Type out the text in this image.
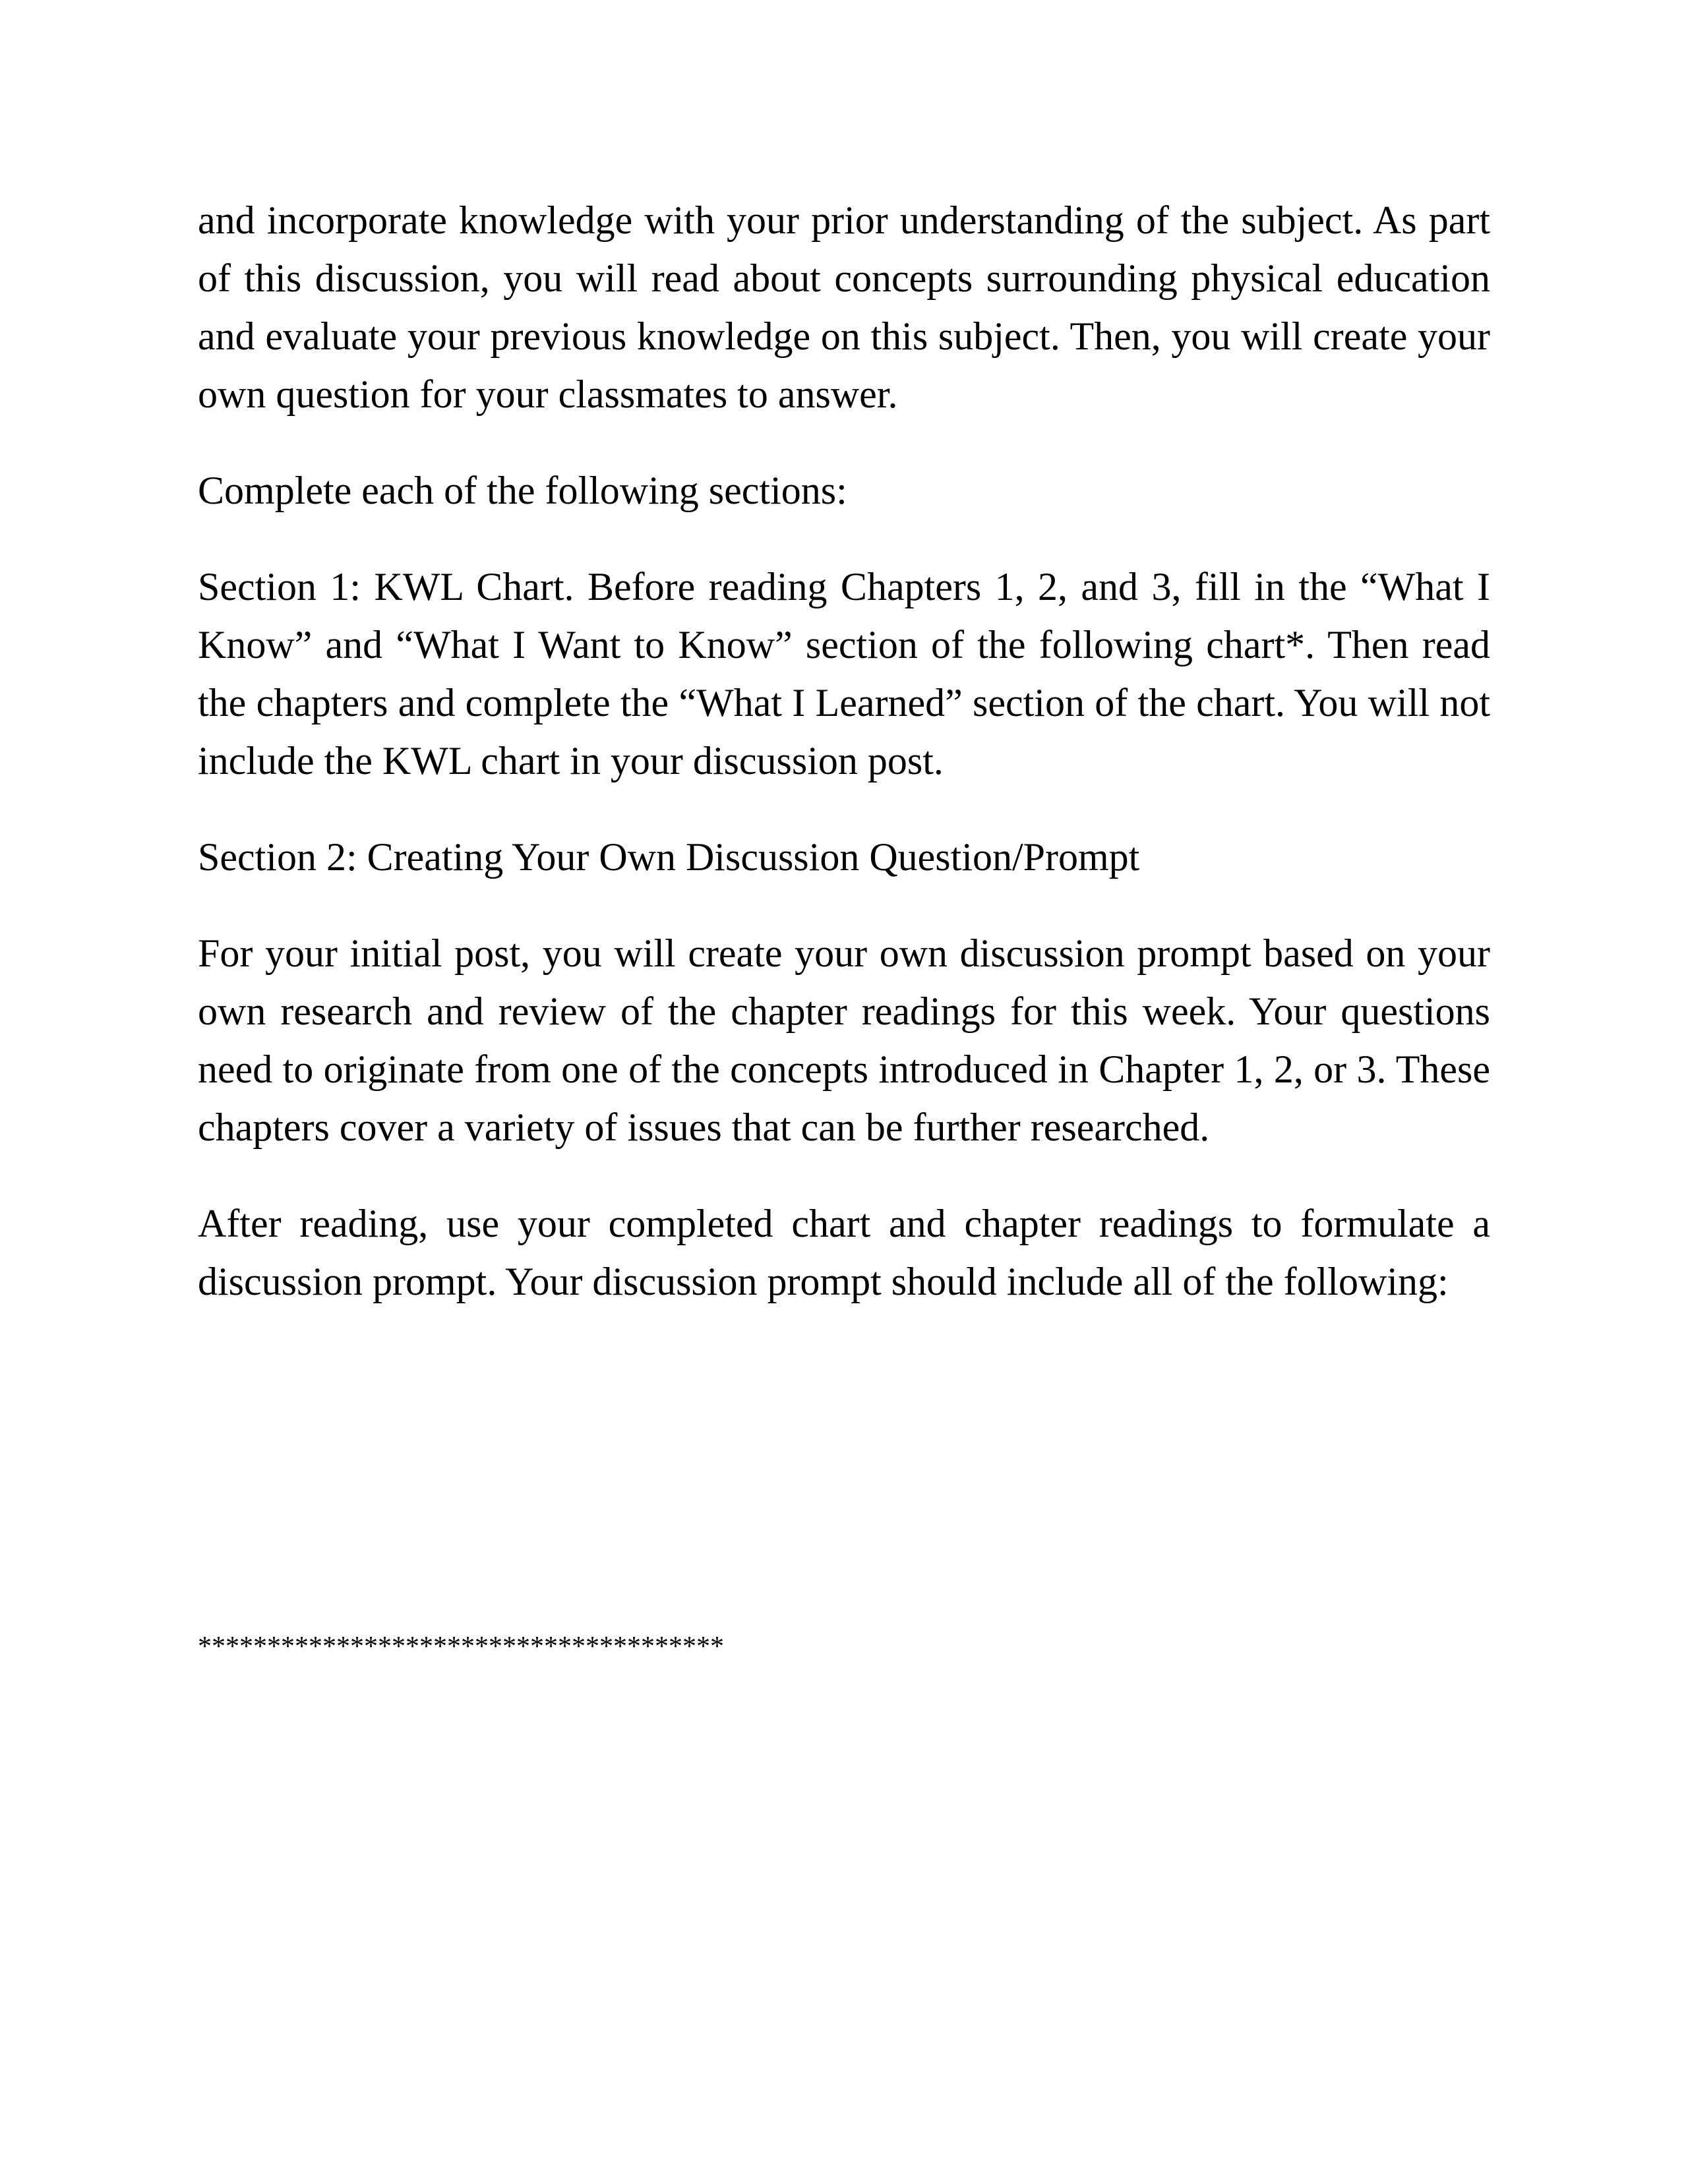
and incorporate knowledge with your prior understanding of the subject. As part of this discussion, you will read about concepts surrounding physical education and evaluate your previous knowledge on this subject. Then, you will create your own question for your classmates to answer.

Complete each of the following sections:

Section 1: KWL Chart. Before reading Chapters 1, 2, and 3, fill in the “What I Know” and “What I Want to Know” section of the following chart*. Then read the chapters and complete the “What I Learned” section of the chart. You will not include the KWL chart in your discussion post.

Section 2: Creating Your Own Discussion Question/Prompt

For your initial post, you will create your own discussion prompt based on your own research and review of the chapter readings for this week. Your questions need to originate from one of the concepts introduced in Chapter 1, 2, or 3. These chapters cover a variety of issues that can be further researched.

After reading, use your completed chart and chapter readings to formulate a discussion prompt. Your discussion prompt should include all of the following:

**************************************
